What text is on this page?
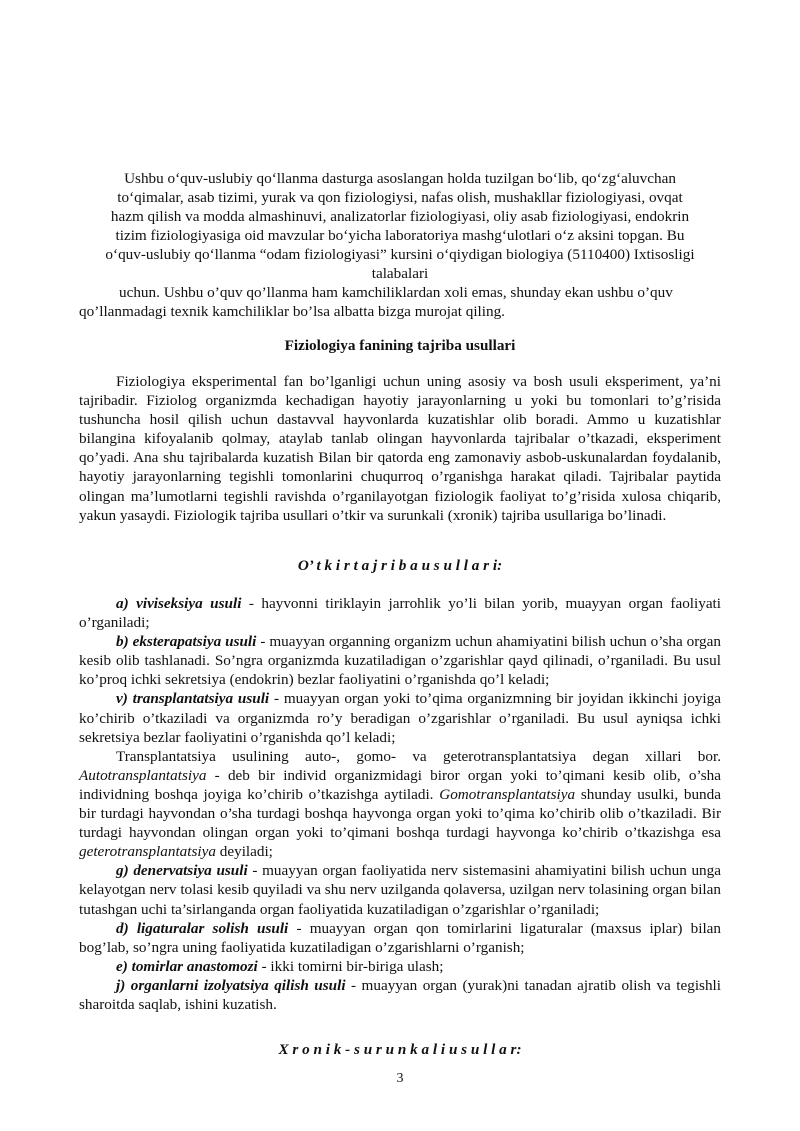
Ushbu o‘quv-uslubiy qo‘llanma dasturga asoslangan holda tuzilgan bo‘lib, qo‘zg‘aluvchan
to‘qimalar, asab tizimi, yurak va qon fiziologiysi, nafas olish, mushakllar fiziologiyasi, ovqat
hazm qilish va modda almashinuvi, analizatorlar fiziologiyasi, oliy asab fiziologiyasi, endokrin
tizim fiziologiyasiga oid mavzular bo‘yicha laboratoriya mashg‘ulotlari o‘z aksini topgan. Bu
o‘quv-uslubiy qo‘llanma “odam fiziologiyasi” kursini o‘qiydigan biologiya (5110400) Ixtisosligi
talabalari
uchun. Ushbu o’quv qo’llanma ham kamchiliklardan xoli emas, shunday ekan ushbu o’quv
qo’llanmadagi texnik kamchiliklar bo’lsa albatta bizga murojat qiling.
Fiziologiya fanining tajriba usullari
Fiziologiya eksperimental fan bo’lganligi uchun uning asosiy va bosh usuli eksperiment, ya’ni tajribadir. Fiziolog organizmda kechadigan hayotiy jarayonlarning u yoki bu tomonlari to’g’risida tushuncha hosil qilish uchun dastavval hayvonlarda kuzatishlar olib boradi. Ammo u kuzatishlar bilangina kifoyalanib qolmay, ataylab tanlab olingan hayvonlarda tajribalar o’tkazadi, eksperiment qo’yadi. Ana shu tajribalarda kuzatish Bilan bir qatorda eng zamonaviy asbob-uskunalardan foydalanib, hayotiy jarayonlarning tegishli tomonlarini chuqurroq o’rganishga harakat qiladi. Tajribalar paytida olingan ma’lumotlarni tegishli ravishda o’rganilayotgan fiziologik faoliyat to’g’risida xulosa chiqarib, yakun yasaydi. Fiziologik tajriba usullari o’tkir va surunkali (xronik) tajriba usullariga bo’linadi.
O’ t k i r t a j r i b a u s u l l a r i:
a) viviseksiya usuli - hayvonni tiriklayin jarrohlik yo’li bilan yorib, muayyan organ faoliyati o’rganiladi;
b) eksterapatsiya usuli - muayyan organning organizm uchun ahamiyatini bilish uchun o’sha organ kesib olib tashlanadi. So’ngra organizmda kuzatiladigan o’zgarishlar qayd qilinadi, o’rganiladi. Bu usul ko’proq ichki sekretsiya (endokrin) bezlar faoliyatini o’rganishda qo’l keladi;
v) transplantatsiya usuli - muayyan organ yoki to’qima organizmning bir joyidan ikkinchi joyiga ko’chirib o’tkaziladi va organizmda ro’y beradigan o’zgarishlar o’rganiladi. Bu usul ayniqsa ichki sekretsiya bezlar faoliyatini o’rganishda qo’l keladi;
Transplantatsiya usulining auto-, gomo- va geterotransplantatsiya degan xillari bor. Autotransplantatsiya - deb bir individ organizmidagi biror organ yoki to’qimani kesib olib, o’sha individning boshqa joyiga ko’chirib o’tkazishga aytiladi. Gomotransplantatsiya shunday usulki, bunda bir turdagi hayvondan o’sha turdagi boshqa hayvonga organ yoki to’qima ko’chirib olib o’tkaziladi. Bir turdagi hayvondan olingan organ yoki to’qimani boshqa turdagi hayvonga ko’chirib o’tkazishga esa geterotransplantatsiya deyiladi;
g) denervatsiya usuli - muayyan organ faoliyatida nerv sistemasini ahamiyatini bilish uchun unga kelayotgan nerv tolasi kesib quyiladi va shu nerv uzilganda qolaversa, uzilgan nerv tolasining organ bilan tutashgan uchi ta’sirlanganda organ faoliyatida kuzatiladigan o’zgarishlar o’rganiladi;
d) ligaturalar solish usuli - muayyan organ qon tomirlarini ligaturalar (maxsus iplar) bilan bog’lab, so’ngra uning faoliyatida kuzatiladigan o’zgarishlarni o’rganish;
e) tomirlar anastomozi - ikki tomirni bir-biriga ulash;
j) organlarni izolyatsiya qilish usuli - muayyan organ (yurak)ni tanadan ajratib olish va tegishli sharoitda saqlab, ishini kuzatish.
X r o n i k - s u r u n k a l i u s u l l a r:
3
